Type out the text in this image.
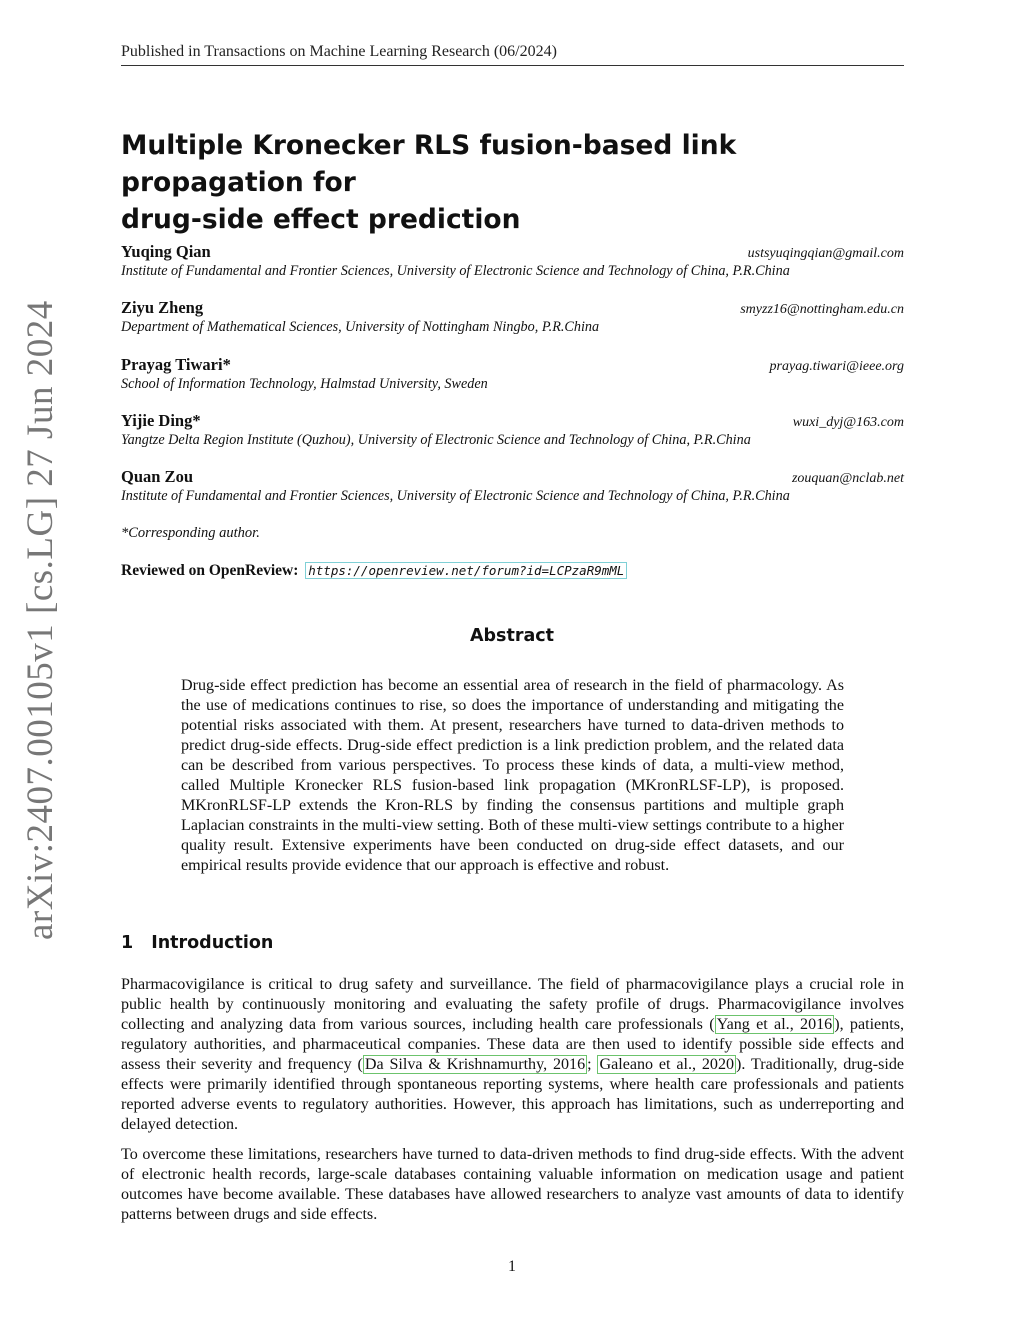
Published in Transactions on Machine Learning Research (06/2024)
arXiv:2407.00105v1 [cs.LG] 27 Jun 2024
Multiple Kronecker RLS fusion-based link propagation for
drug-side effect prediction
Yuqing Qian	ustsyuqingqian@gmail.com
Institute of Fundamental and Frontier Sciences, University of Electronic Science and Technology of China, P.R.China
Ziyu Zheng	smyzz16@nottingham.edu.cn
Department of Mathematical Sciences, University of Nottingham Ningbo, P.R.China
Prayag Tiwari*	prayag.tiwari@ieee.org
School of Information Technology, Halmstad University, Sweden
Yijie Ding*	wuxi_dyj@163.com
Yangtze Delta Region Institute (Quzhou), University of Electronic Science and Technology of China, P.R.China
Quan Zou	zouquan@nclab.net
Institute of Fundamental and Frontier Sciences, University of Electronic Science and Technology of China, P.R.China
*Corresponding author.
Reviewed on OpenReview: https://openreview.net/forum?id=LCPzaR9mML
Abstract
Drug-side effect prediction has become an essential area of research in the field of pharmacology. As the use of medications continues to rise, so does the importance of understanding and mitigating the potential risks associated with them. At present, researchers have turned to data-driven methods to predict drug-side effects. Drug-side effect prediction is a link prediction problem, and the related data can be described from various perspectives. To process these kinds of data, a multi-view method, called Multiple Kronecker RLS fusion-based link propagation (MKronRLSF-LP), is proposed. MKronRLSF-LP extends the Kron-RLS by finding the consensus partitions and multiple graph Laplacian constraints in the multi-view setting. Both of these multi-view settings contribute to a higher quality result. Extensive experiments have been conducted on drug-side effect datasets, and our empirical results provide evidence that our approach is effective and robust.
1 Introduction
Pharmacovigilance is critical to drug safety and surveillance. The field of pharmacovigilance plays a crucial role in public health by continuously monitoring and evaluating the safety profile of drugs. Pharmacovigilance involves collecting and analyzing data from various sources, including health care professionals ( Yang et al., 2016 ), patients, regulatory authorities, and pharmaceutical companies. These data are then used to identify possible side effects and assess their severity and frequency ( Da Silva & Krishnamurthy, 2016 ; Galeano et al., 2020 ). Traditionally, drug-side effects were primarily identified through spontaneous reporting systems, where health care professionals and patients reported adverse events to regulatory authorities. However, this approach has limitations, such as underreporting and delayed detection.
To overcome these limitations, researchers have turned to data-driven methods to find drug-side effects. With the advent of electronic health records, large-scale databases containing valuable information on medication usage and patient outcomes have become available. These databases have allowed researchers to analyze vast amounts of data to identify patterns between drugs and side effects.
1
